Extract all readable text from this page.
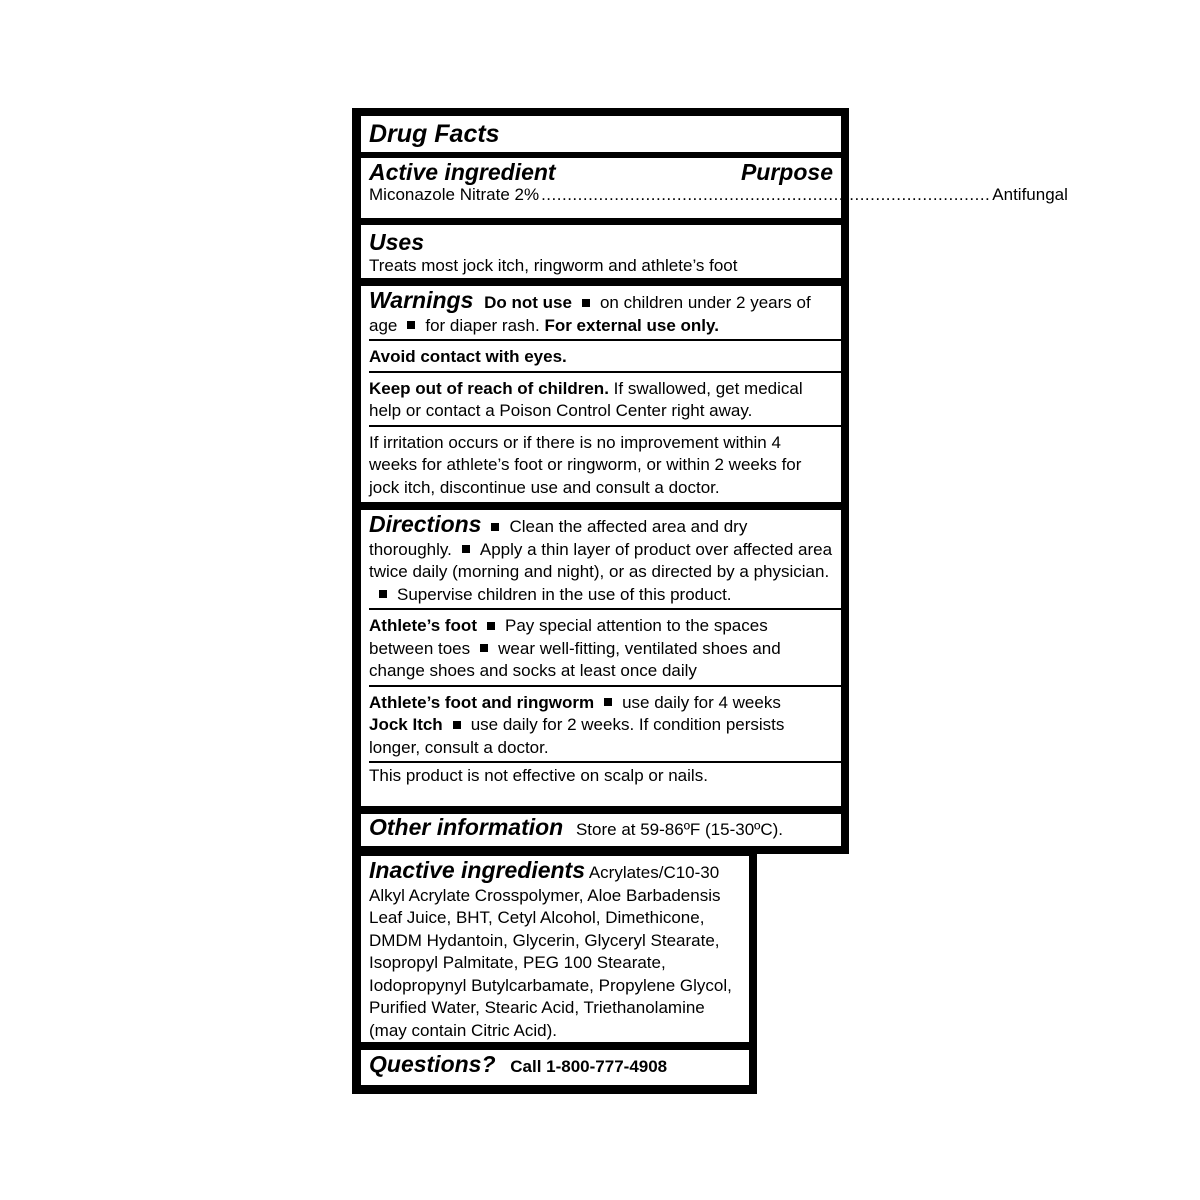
Drug Facts
Active ingredient	Purpose
Miconazole Nitrate 2% ...................................................................................... Antifungal
Uses
Treats most jock itch, ringworm and athlete’s foot
Warnings Do not use on children under 2 years of age for diaper rash. For external use only.
Avoid contact with eyes.
Keep out of reach of children. If swallowed, get medical help or contact a Poison Control Center right away.
If irritation occurs or if there is no improvement within 4 weeks for athlete’s foot or ringworm, or within 2 weeks for jock itch, discontinue use and consult a doctor.
Directions Clean the affected area and dry thoroughly. Apply a thin layer of product over affected area twice daily (morning and night), or as directed by a physician.Supervise children in the use of this product.
Athlete’s foot Pay special attention to the spaces between toes wear well-fitting, ventilated shoes and change shoes and socks at least once daily
Athlete’s foot and ringworm use daily for 4 weeks
Jock Itch use daily for 2 weeks. If condition persists longer, consult a doctor.
This product is not effective on scalp or nails.
Other information Store at 59-86ºF (15-30ºC).
Inactive ingredients Acrylates/C10-30 Alkyl Acrylate Crosspolymer, Aloe Barbadensis Leaf Juice, BHT, Cetyl Alcohol, Dimethicone, DMDM Hydantoin, Glycerin, Glyceryl Stearate, Isopropyl Palmitate, PEG 100 Stearate, Iodopropynyl Butylcarbamate, Propylene Glycol, Purified Water, Stearic Acid, Triethanolamine (may contain Citric Acid).
Questions? Call 1-800-777-4908
